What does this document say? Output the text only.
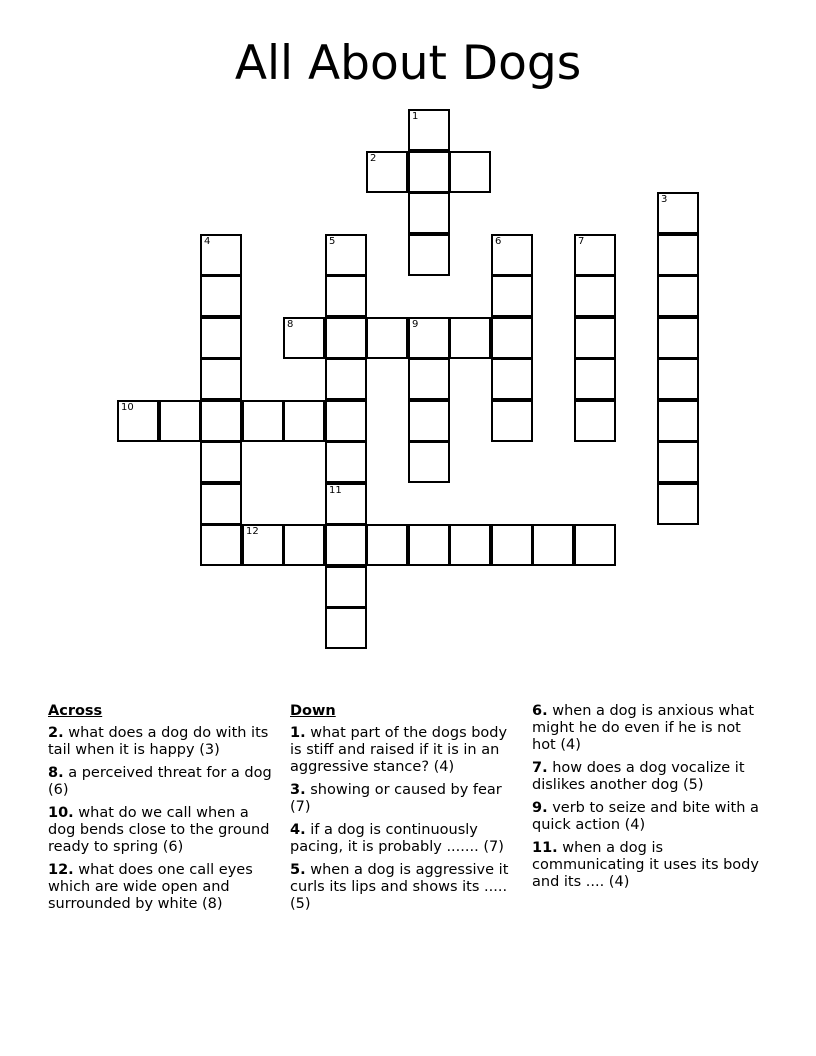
All About Dogs
1
2
3
4	5	6	7
8	9
10
11
12
Across
2. what does a dog do with its tail when it is happy (3)
8. a perceived threat for a dog (6)
10. what do we call when a dog bends close to the ground ready to spring (6)
12. what does one call eyes which are wide open and surrounded by white (8)
Down
1. what part of the dogs body is stiff and raised if it is in an aggressive stance? (4)
3. showing or caused by fear (7)
4. if a dog is continuously pacing, it is probably ....... (7)
5. when a dog is aggressive it curls its lips and shows its ..... (5)
6. when a dog is anxious what might he do even if he is not hot (4)
7. how does a dog vocalize it dislikes another dog (5)
9. verb to seize and bite with a quick action (4)
11. when a dog is communicating it uses its body and its .... (4)
